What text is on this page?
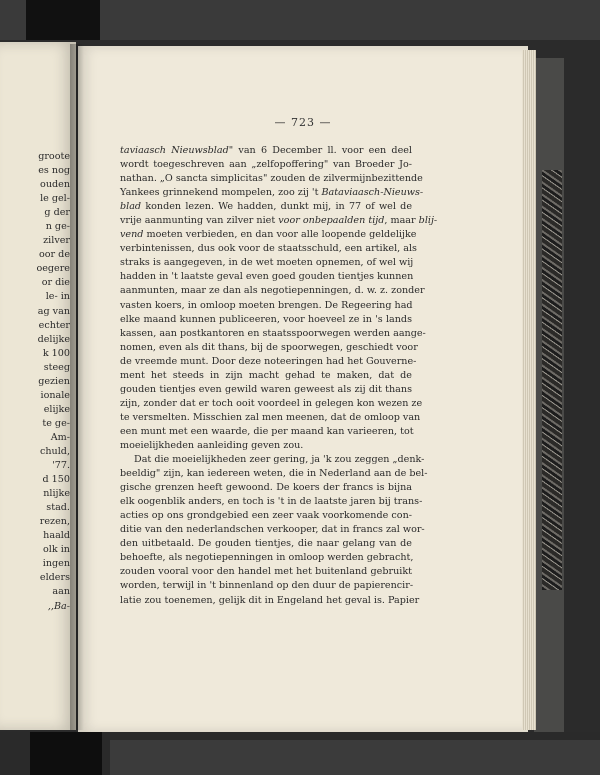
groote
es nog
ouden
le gel-
g der
n ge-
zilver
oor de
oegere
or die
le- in
ag van
echter
delijke
k 100
steeg
gezien
ionale
elijke
te ge-
Am-
chuld,
'77.
d 150
nlijke
stad.
rezen,
haald
olk in
ingen
elders
aan
,,Ba-
— 723 —
taviaasch Nieuwsblad" van 6 December ll. voor een deel
wordt toegeschreven aan „zelfopoffering" van Broeder Jo-
nathan. „O sancta simplicitas" zouden de zilvermijnbezittende
Yankees grinnekend mompelen, zoo zij 't Bataviaasch-Nieuws-
blad konden lezen. We hadden, dunkt mij, in 77 of wel de
vrije aanmunting van zilver niet voor onbepaalden tijd, maar blij-
vend moeten verbieden, en dan voor alle loopende geldelijke
verbintenissen, dus ook voor de staatsschuld, een artikel, als
straks is aangegeven, in de wet moeten opnemen, of wel wij
hadden in 't laatste geval even goed gouden tientjes kunnen
aanmunten, maar ze dan als negotiepenningen, d. w. z. zonder
vasten koers, in omloop moeten brengen. De Regeering had
elke maand kunnen publiceeren, voor hoeveel ze in 's lands
kassen, aan postkantoren en staatsspoorwegen werden aange-
nomen, even als dit thans, bij de spoorwegen, geschiedt voor
de vreemde munt. Door deze noteeringen had het Gouverne-
ment het steeds in zijn macht gehad te maken, dat de
gouden tientjes even gewild waren geweest als zij dit thans
zijn, zonder dat er toch ooit voordeel in gelegen kon wezen ze
te versmelten. Misschien zal men meenen, dat de omloop van
een munt met een waarde, die per maand kan varieeren, tot
moeielijkheden aanleiding geven zou.
Dat die moeielijkheden zeer gering, ja 'k zou zeggen „denk-
beeldig" zijn, kan iedereen weten, die in Nederland aan de bel-
gische grenzen heeft gewoond. De koers der francs is bijna
elk oogenblik anders, en toch is 't in de laatste jaren bij trans-
acties op ons grondgebied een zeer vaak voorkomende con-
ditie van den nederlandschen verkooper, dat in francs zal wor-
den uitbetaald. De gouden tientjes, die naar gelang van de
behoefte, als negotiepenningen in omloop werden gebracht,
zouden vooral voor den handel met het buitenland gebruikt
worden, terwijl in 't binnenland op den duur de papierencir-
latie zou toenemen, gelijk dit in Engeland het geval is. Papier
